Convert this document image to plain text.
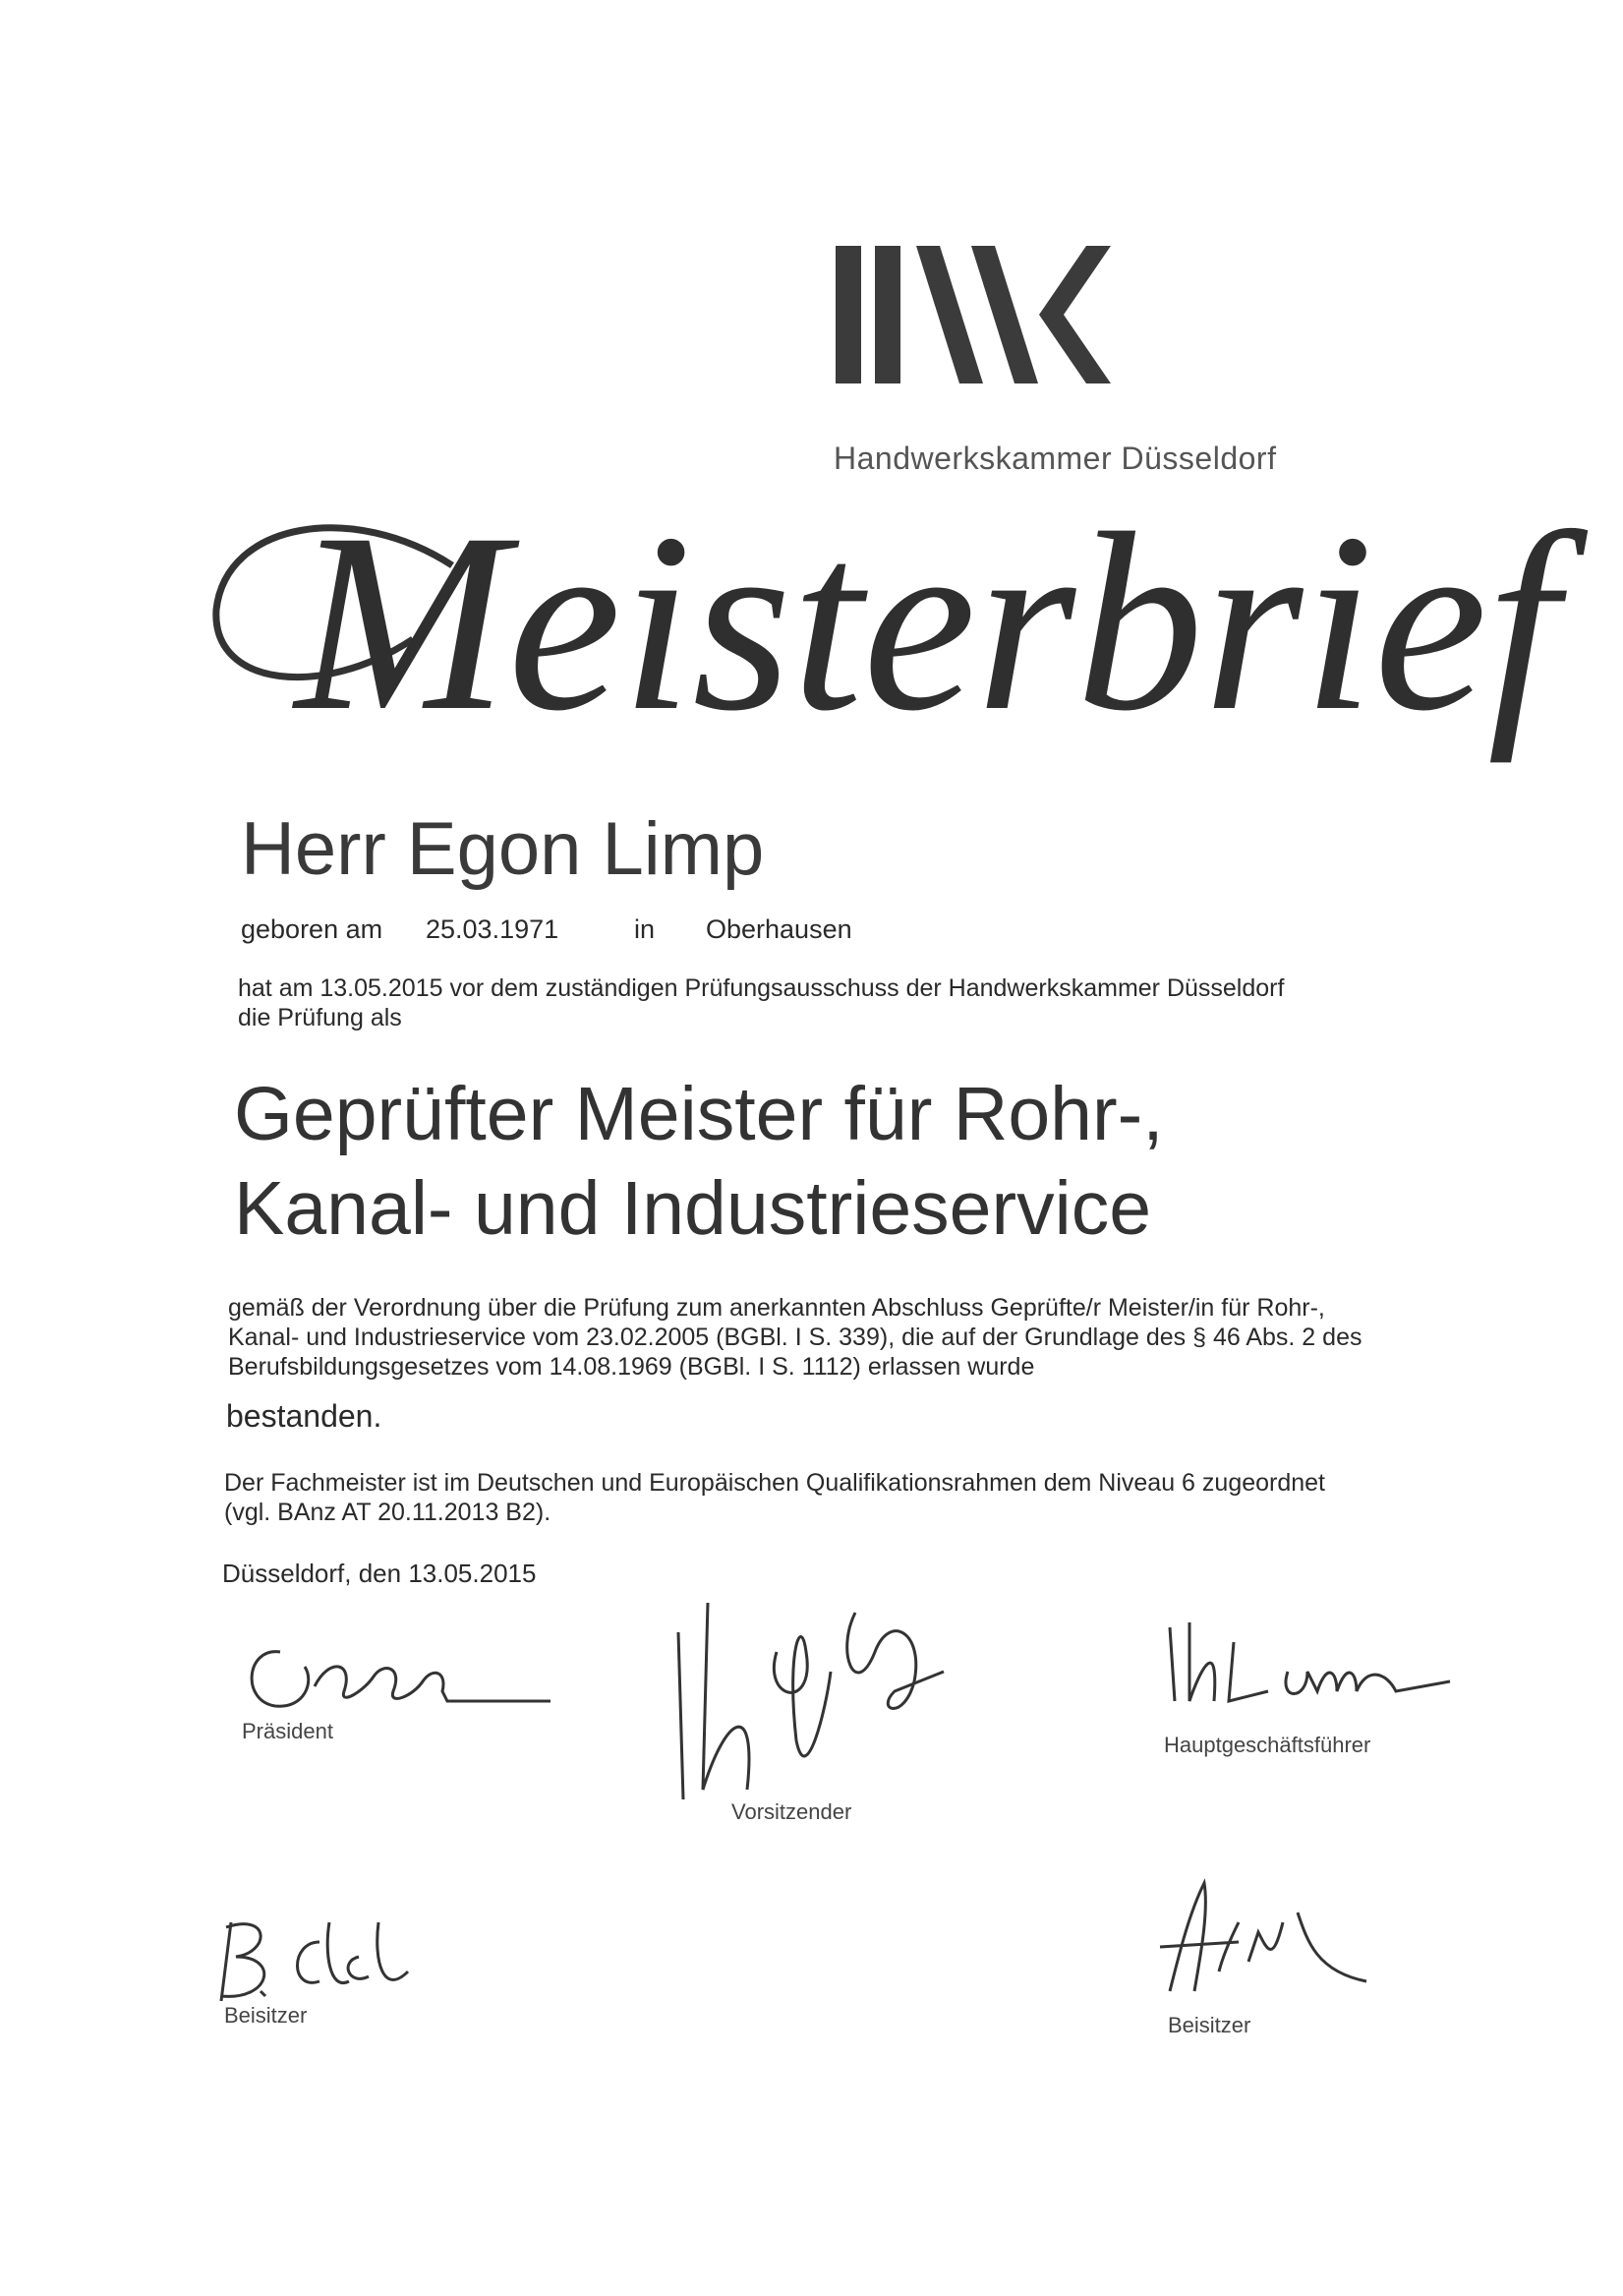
Handwerkskammer Düsseldorf
Meisterbrief
Herr Egon Limp
geboren am 25.03.1971	in Oberhausen
hat am 13.05.2015 vor dem zuständigen Prüfungsausschuss der Handwerkskammer Düsseldorf
die Prüfung als
Geprüfter Meister für Rohr-,
Kanal- und Industrieservice
gemäß der Verordnung über die Prüfung zum anerkannten Abschluss Geprüfte/r Meister/in für Rohr-,
Kanal- und Industrieservice vom 23.02.2005 (BGBl. I S. 339), die auf der Grundlage des § 46 Abs. 2 des
Berufsbildungsgesetzes vom 14.08.1969 (BGBl. I S. 1112) erlassen wurde
bestanden.
Der Fachmeister ist im Deutschen und Europäischen Qualifikationsrahmen dem Niveau 6 zugeordnet
(vgl. BAnz AT 20.11.2013 B2).
Düsseldorf, den 13.05.2015
Präsident
Vorsitzender
Hauptgeschäftsführer
Beisitzer	Beisitzer
